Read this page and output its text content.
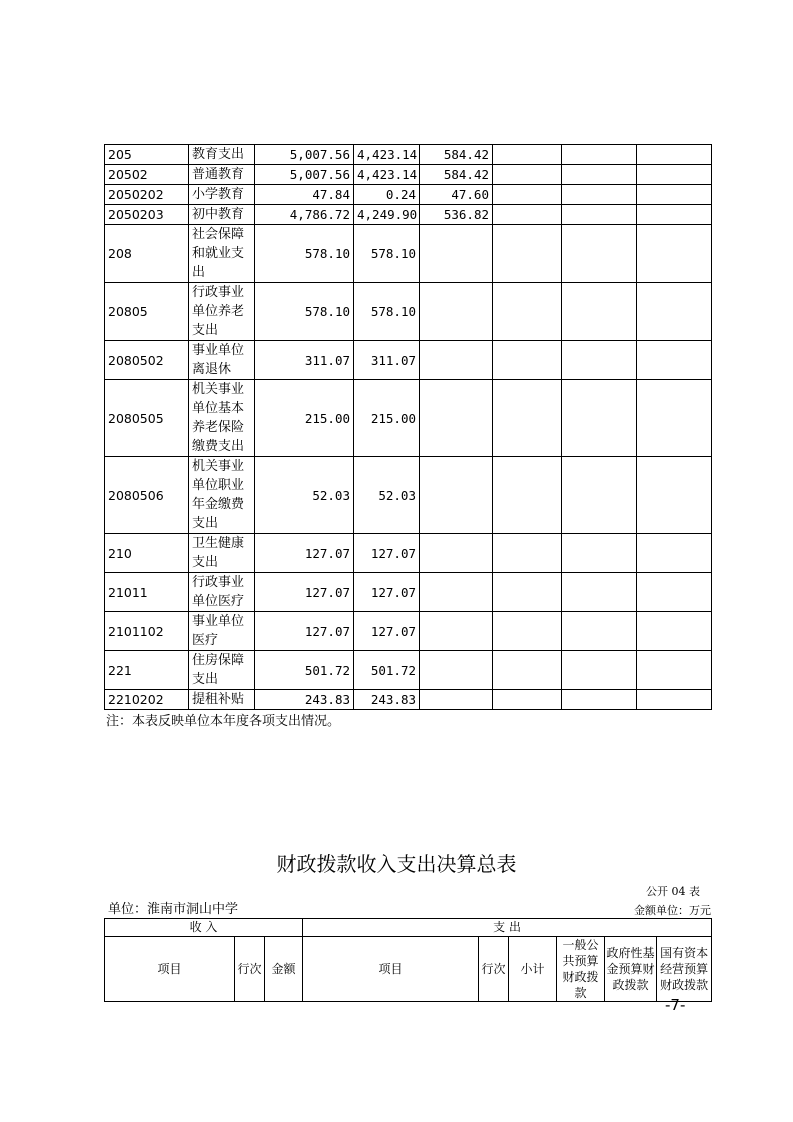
205	教育支出	5,007.56	4,423.14	584.42			
20502	普通教育	5,007.56	4,423.14	584.42			
2050202	小学教育	47.84	0.24	47.60			
2050203	初中教育	4,786.72	4,249.90	536.82			
208	社会保障和就业支出	578.10	578.10				
20805	行政事业单位养老支出	578.10	578.10				
2080502	事业单位离退休	311.07	311.07				
2080505	机关事业单位基本养老保险缴费支出	215.00	215.00				
2080506	机关事业单位职业年金缴费支出	52.03	52.03				
210	卫生健康支出	127.07	127.07				
21011	行政事业单位医疗	127.07	127.07				
2101102	事业单位医疗	127.07	127.07				
221	住房保障支出	501.72	501.72				
2210202	提租补贴	243.83	243.83				
注：本表反映单位本年度各项支出情况。
财政拨款收入支出决算总表
公开 04 表
单位：淮南市洞山中学	金额单位：万元
收 入			支 出					
项目	行次	金额	项目	行次	小计	一般公共预算财政拨款	政府性基金预算财政拨款	国有资本经营预算财政拨款
-7-
